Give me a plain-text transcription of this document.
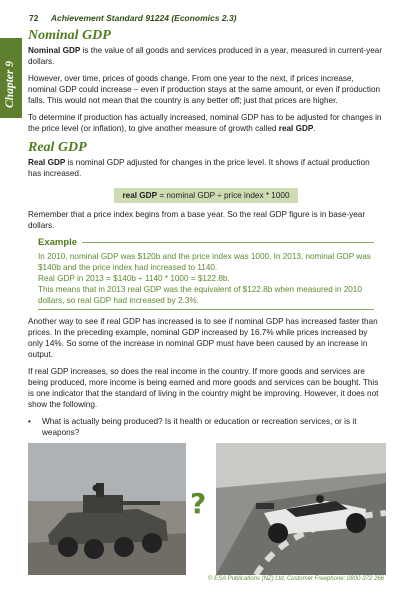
72 Achievement Standard 91224 (Economics 2.3)
Chapter 9
Nominal GDP

Nominal GDP is the value of all goods and services produced in a year, measured in current-year dollars.

However, over time, prices of goods change. From one year to the next, if prices increase, nominal GDP could increase – even if production stays at the same amount, or even if production falls. This would not mean that the country is any better off; just that prices are higher.

To determine if production has actually increased, nominal GDP has to be adjusted for changes in the price level (or inflation), to give another measure of growth called real GDP.

Real GDP

Real GDP is nominal GDP adjusted for changes in the price level. It shows if actual production has increased.

real GDP = nominal GDP ÷ price index * 1000

Remember that a price index begins from a base year. So the real GDP figure is in base-year dollars.

Example
In 2010, nominal GDP was $120b and the price index was 1000. In 2013, nominal GDP was $140b and the price index had increased to 1140.
Real GDP in 2013 = $140b ÷ 1140 * 1000 = $122.8b.
This means that in 2013 real GDP was the equivalent of $122.8b when measured in 2010 dollars, so real GDP had increased by 2.3%.

Another way to see if real GDP has increased is to see if nominal GDP has increased faster than prices. In the preceding example, nominal GDP increased by 16.7% while prices increased by only 14%. So some of the increase in nominal GDP must have been caused by an increase in output.

If real GDP increases, so does the real income in the country. If more goods and services are being produced, more income is being earned and more goods and services can be bought. This is one indicator that the standard of living in the country might be improving. However, it does not show the following.

•	What is actually being produced? Is it health or education or recreation services, or is it weapons?
?
© ESA Publications (NZ) Ltd, Customer Freephone: 0800-372 266
